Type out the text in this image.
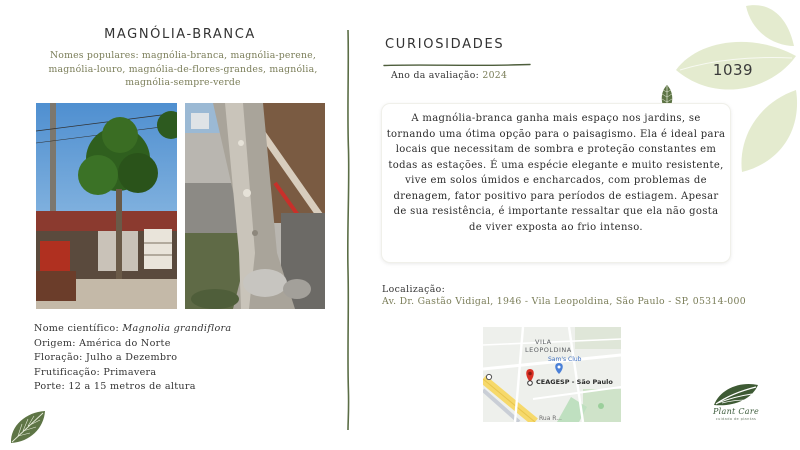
MAGNÓLIA-BRANCA
Nomes populares: magnólia-branca, magnólia-perene, magnólia-louro, magnólia-de-flores-grandes, magnólia, magnólia-sempre-verde
Nome científico: Magnolia grandiflora
Origem: América do Norte
Floração: Julho a Dezembro
Frutificação: Primavera
Porte: 12 a 15 metros de altura
CURIOSIDADES
Ano da avaliação: 2024
A magnólia-branca ganha mais espaço nos jardins, se tornando uma ótima opção para o paisagismo. Ela é ideal para locais que necessitam de sombra e proteção constantes em todas as estações. É uma espécie elegante e muito resistente, vive em solos úmidos e encharcados, com problemas de drenagem, fator positivo para períodos de estiagem. Apesar de sua resistência, é importante ressaltar que ela não gosta de viver exposta ao frio intenso.
Localização:
Av. Dr. Gastão Vidigal, 1946 - Vila Leopoldina, São Paulo - SP, 05314-000
VILA
LEOPOLDINA
Sam's Club
CEAGESP - São Paulo
Rua R...
1039
Plant Care
cuidado de plantas
